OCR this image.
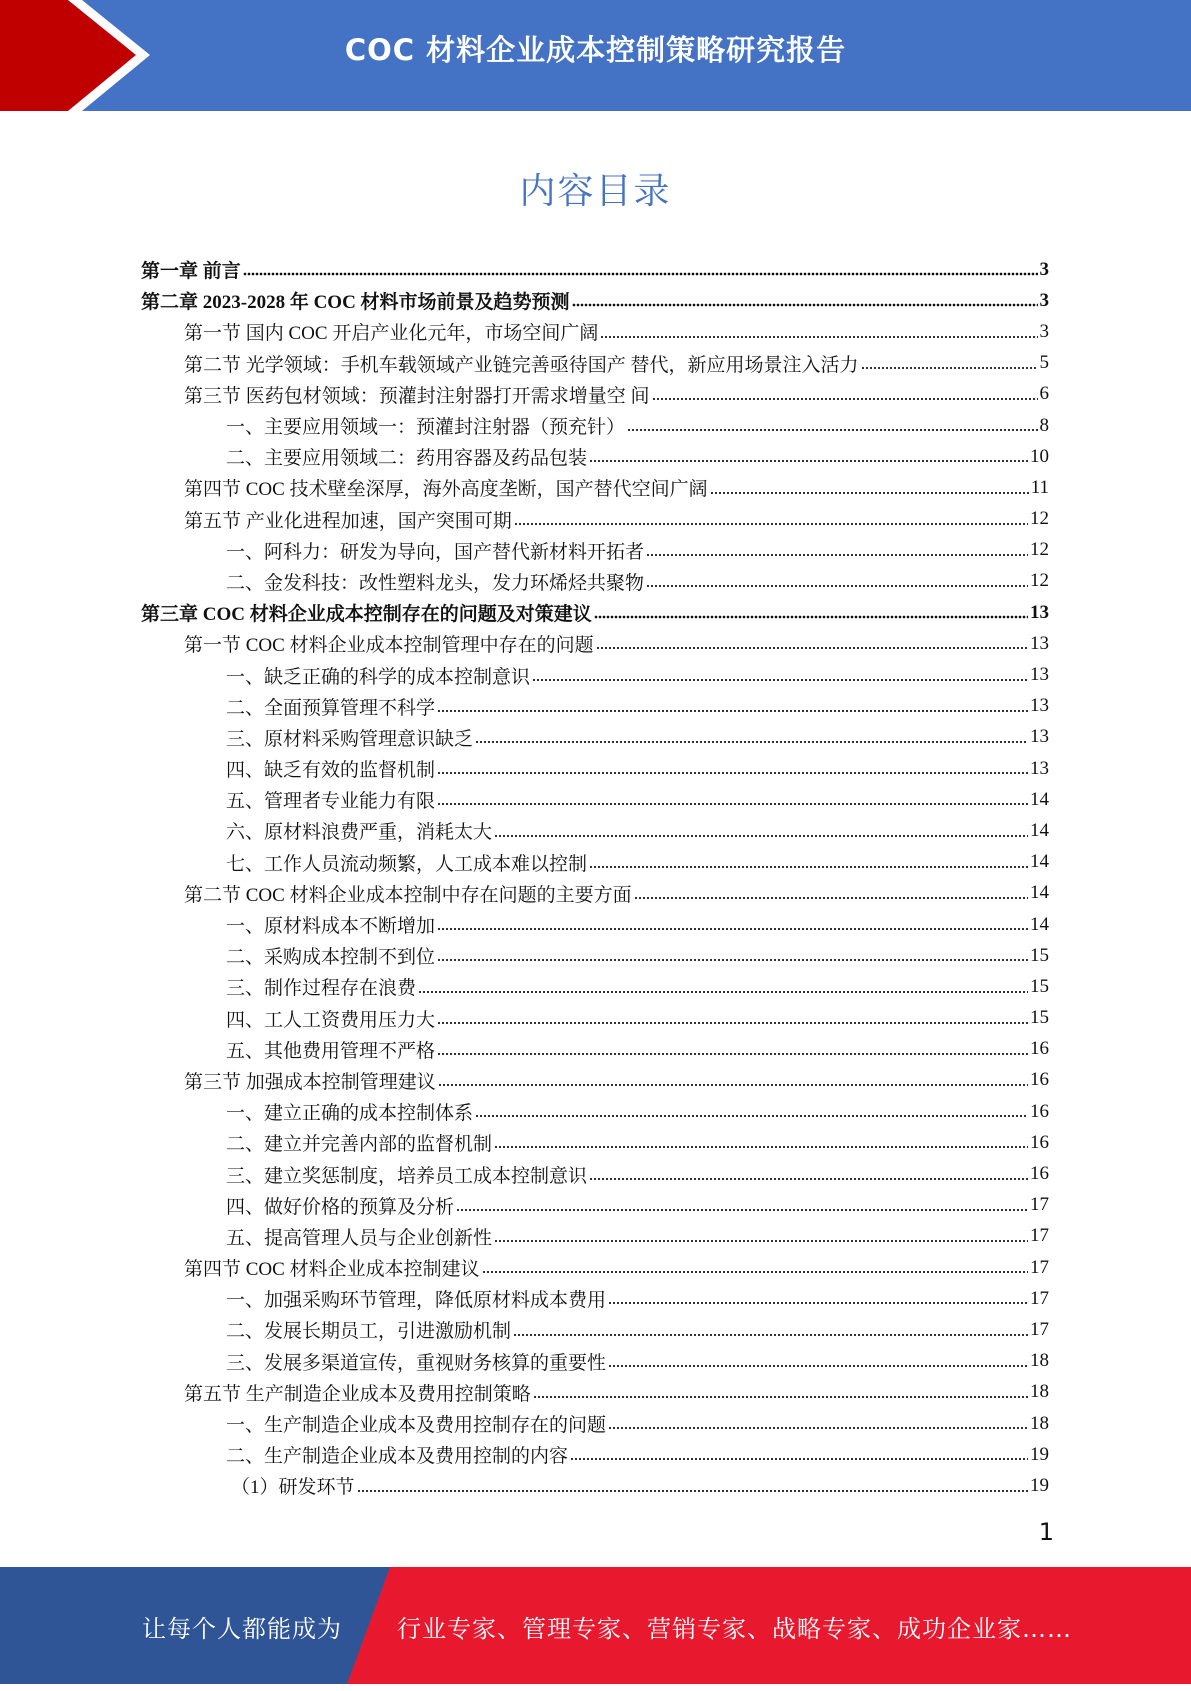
COC 材料企业成本控制策略研究报告
内容目录
第一章 前言	3
第二章 2023-2028 年 COC 材料市场前景及趋势预测	3
第一节 国内 COC 开启产业化元年，市场空间广阔	3
第二节 光学领域：手机车载领域产业链完善亟待国产 替代，新应用场景注入活力	5
第三节 医药包材领域：预灌封注射器打开需求增量空 间	6
一、主要应用领域一：预灌封注射器（预充针）	8
二、主要应用领域二：药用容器及药品包装	10
第四节 COC 技术壁垒深厚，海外高度垄断，国产替代空间广阔	11
第五节 产业化进程加速，国产突围可期	12
一、阿科力：研发为导向，国产替代新材料开拓者	12
二、金发科技：改性塑料龙头，发力环烯烃共聚物	12
第三章 COC 材料企业成本控制存在的问题及对策建议	13
第一节 COC 材料企业成本控制管理中存在的问题	13
一、缺乏正确的科学的成本控制意识	13
二、全面预算管理不科学	13
三、原材料采购管理意识缺乏	13
四、缺乏有效的监督机制	13
五、管理者专业能力有限	14
六、原材料浪费严重，消耗太大	14
七、工作人员流动频繁，人工成本难以控制	14
第二节 COC 材料企业成本控制中存在问题的主要方面	14
一、原材料成本不断增加	14
二、采购成本控制不到位	15
三、制作过程存在浪费	15
四、工人工资费用压力大	15
五、其他费用管理不严格	16
第三节 加强成本控制管理建议	16
一、建立正确的成本控制体系	16
二、建立并完善内部的监督机制	16
三、建立奖惩制度，培养员工成本控制意识	16
四、做好价格的预算及分析	17
五、提高管理人员与企业创新性	17
第四节 COC 材料企业成本控制建议	17
一、加强采购环节管理，降低原材料成本费用	17
二、发展长期员工，引进激励机制	17
三、发展多渠道宣传，重视财务核算的重要性	18
第五节 生产制造企业成本及费用控制策略	18
一、生产制造企业成本及费用控制存在的问题	18
二、生产制造企业成本及费用控制的内容	19
（1）研发环节	19
1
让每个人都能成为 行业专家、管理专家、营销专家、战略专家、成功企业家……
